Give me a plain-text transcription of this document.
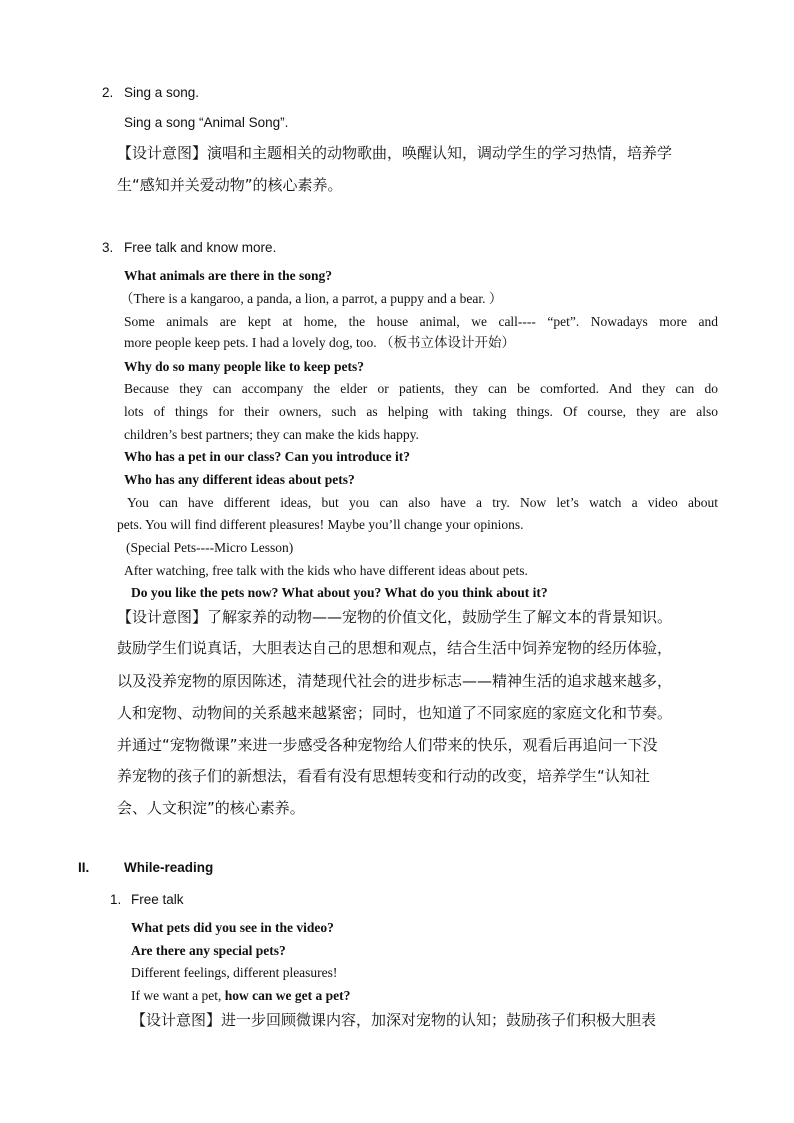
2. Sing a song.
Sing a song “Animal Song”.
【设计意图】演唱和主题相关的动物歌曲，唤醒认知，调动学生的学习热情，培养学
生“感知并关爱动物”的核心素养。
3. Free talk and know more.
What animals are there in the song?
（There is a kangaroo, a panda, a lion, a parrot, a puppy and a bear. ）
Some animals are kept at home, the house animal, we call---- “pet”. Nowadays more and
more people keep pets. I had a lovely dog, too. （板书立体设计开始）
Why do so many people like to keep pets?
Because they can accompany the elder or patients, they can be comforted. And they can do
lots of things for their owners, such as helping with taking things. Of course, they are also
children’s best partners; they can make the kids happy.
Who has a pet in our class? Can you introduce it?
Who has any different ideas about pets?
You can have different ideas, but you can also have a try. Now let’s watch a video about
pets. You will find different pleasures! Maybe you’ll change your opinions.
(Special Pets----Micro Lesson)
After watching, free talk with the kids who have different ideas about pets.
Do you like the pets now? What about you? What do you think about it?
【设计意图】了解家养的动物——宠物的价值文化，鼓励学生了解文本的背景知识。
鼓励学生们说真话，大胆表达自己的思想和观点，结合生活中饲养宠物的经历体验，
以及没养宠物的原因陈述，清楚现代社会的进步标志——精神生活的追求越来越多，
人和宠物、动物间的关系越来越紧密；同时，也知道了不同家庭的家庭文化和节奏。
并通过“宠物微课”来进一步感受各种宠物给人们带来的快乐，观看后再追问一下没
养宠物的孩子们的新想法，看看有没有思想转变和行动的改变，培养学生“认知社
会、人文积淀”的核心素养。
II.	While-reading
1. Free talk
What pets did you see in the video?
Are there any special pets?
Different feelings, different pleasures!
If we want a pet, how can we get a pet?
【设计意图】进一步回顾微课内容，加深对宠物的认知；鼓励孩子们积极大胆表
